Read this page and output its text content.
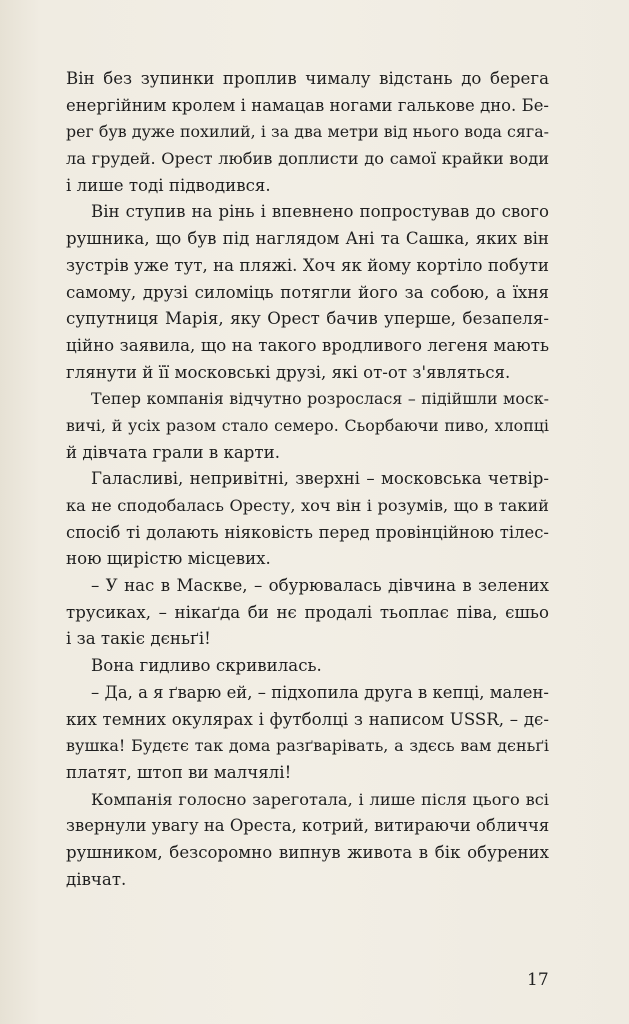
Він без зупинки проплив чималу відстань до берега
енергійним кролем і намацав ногами гальковe дно. Бе-
рег був дуже похилий, і за два метри від нього вода сяга-
ла грудей. Орест любив доплисти до самої крайки води
і лише тоді підводився.
Він ступив на рінь і впевнено попростував до свого
рушника, що був під наглядом Ані та Сашка, яких він
зустрів уже тут, на пляжі. Хоч як йому кортіло побути
самому, друзі силоміць потягли його за собою, а їхня
супутниця Марія, яку Орест бачив уперше, безапеля-
ційно заявила, що на такого вродливого легеня мають
глянути й її московські друзі, які от-от з'являться.
Тепер компанія відчутно розрослася – підійшли моск-
вичі, й усіх разом стало семеро. Сьорбаючи пиво, хлопці
й дівчата грали в карти.
Галасливі, непривітні, зверхні – московська четвір-
ка не сподобалась Оресту, хоч він і розумів, що в такий
спосіб ті долають ніяковість перед провінційною тілес-
ною щирістю місцевих.
– У нас в Маскве, – обурювалась дівчина в зелених
трусиках, – нікаґда би нє продалі тьоплає піва, єшьо
і за такіє дєньґі!
Вона гидливо скривилась.
– Да, а я ґварю ей, – підхопила друга в кепці, мален-
ких темних окулярах і футболці з написом USSR, – дє-
вушка! Будєтє так дома разґварівать, а здєсь вам дєньґі
платят, штоп ви малчялі!
Компанія голосно зареготала, і лише після цього всі
звернули увагу на Ореста, котрий, витираючи обличчя
рушником, безсоромно випнув живота в бік обурених
дівчат.
17
